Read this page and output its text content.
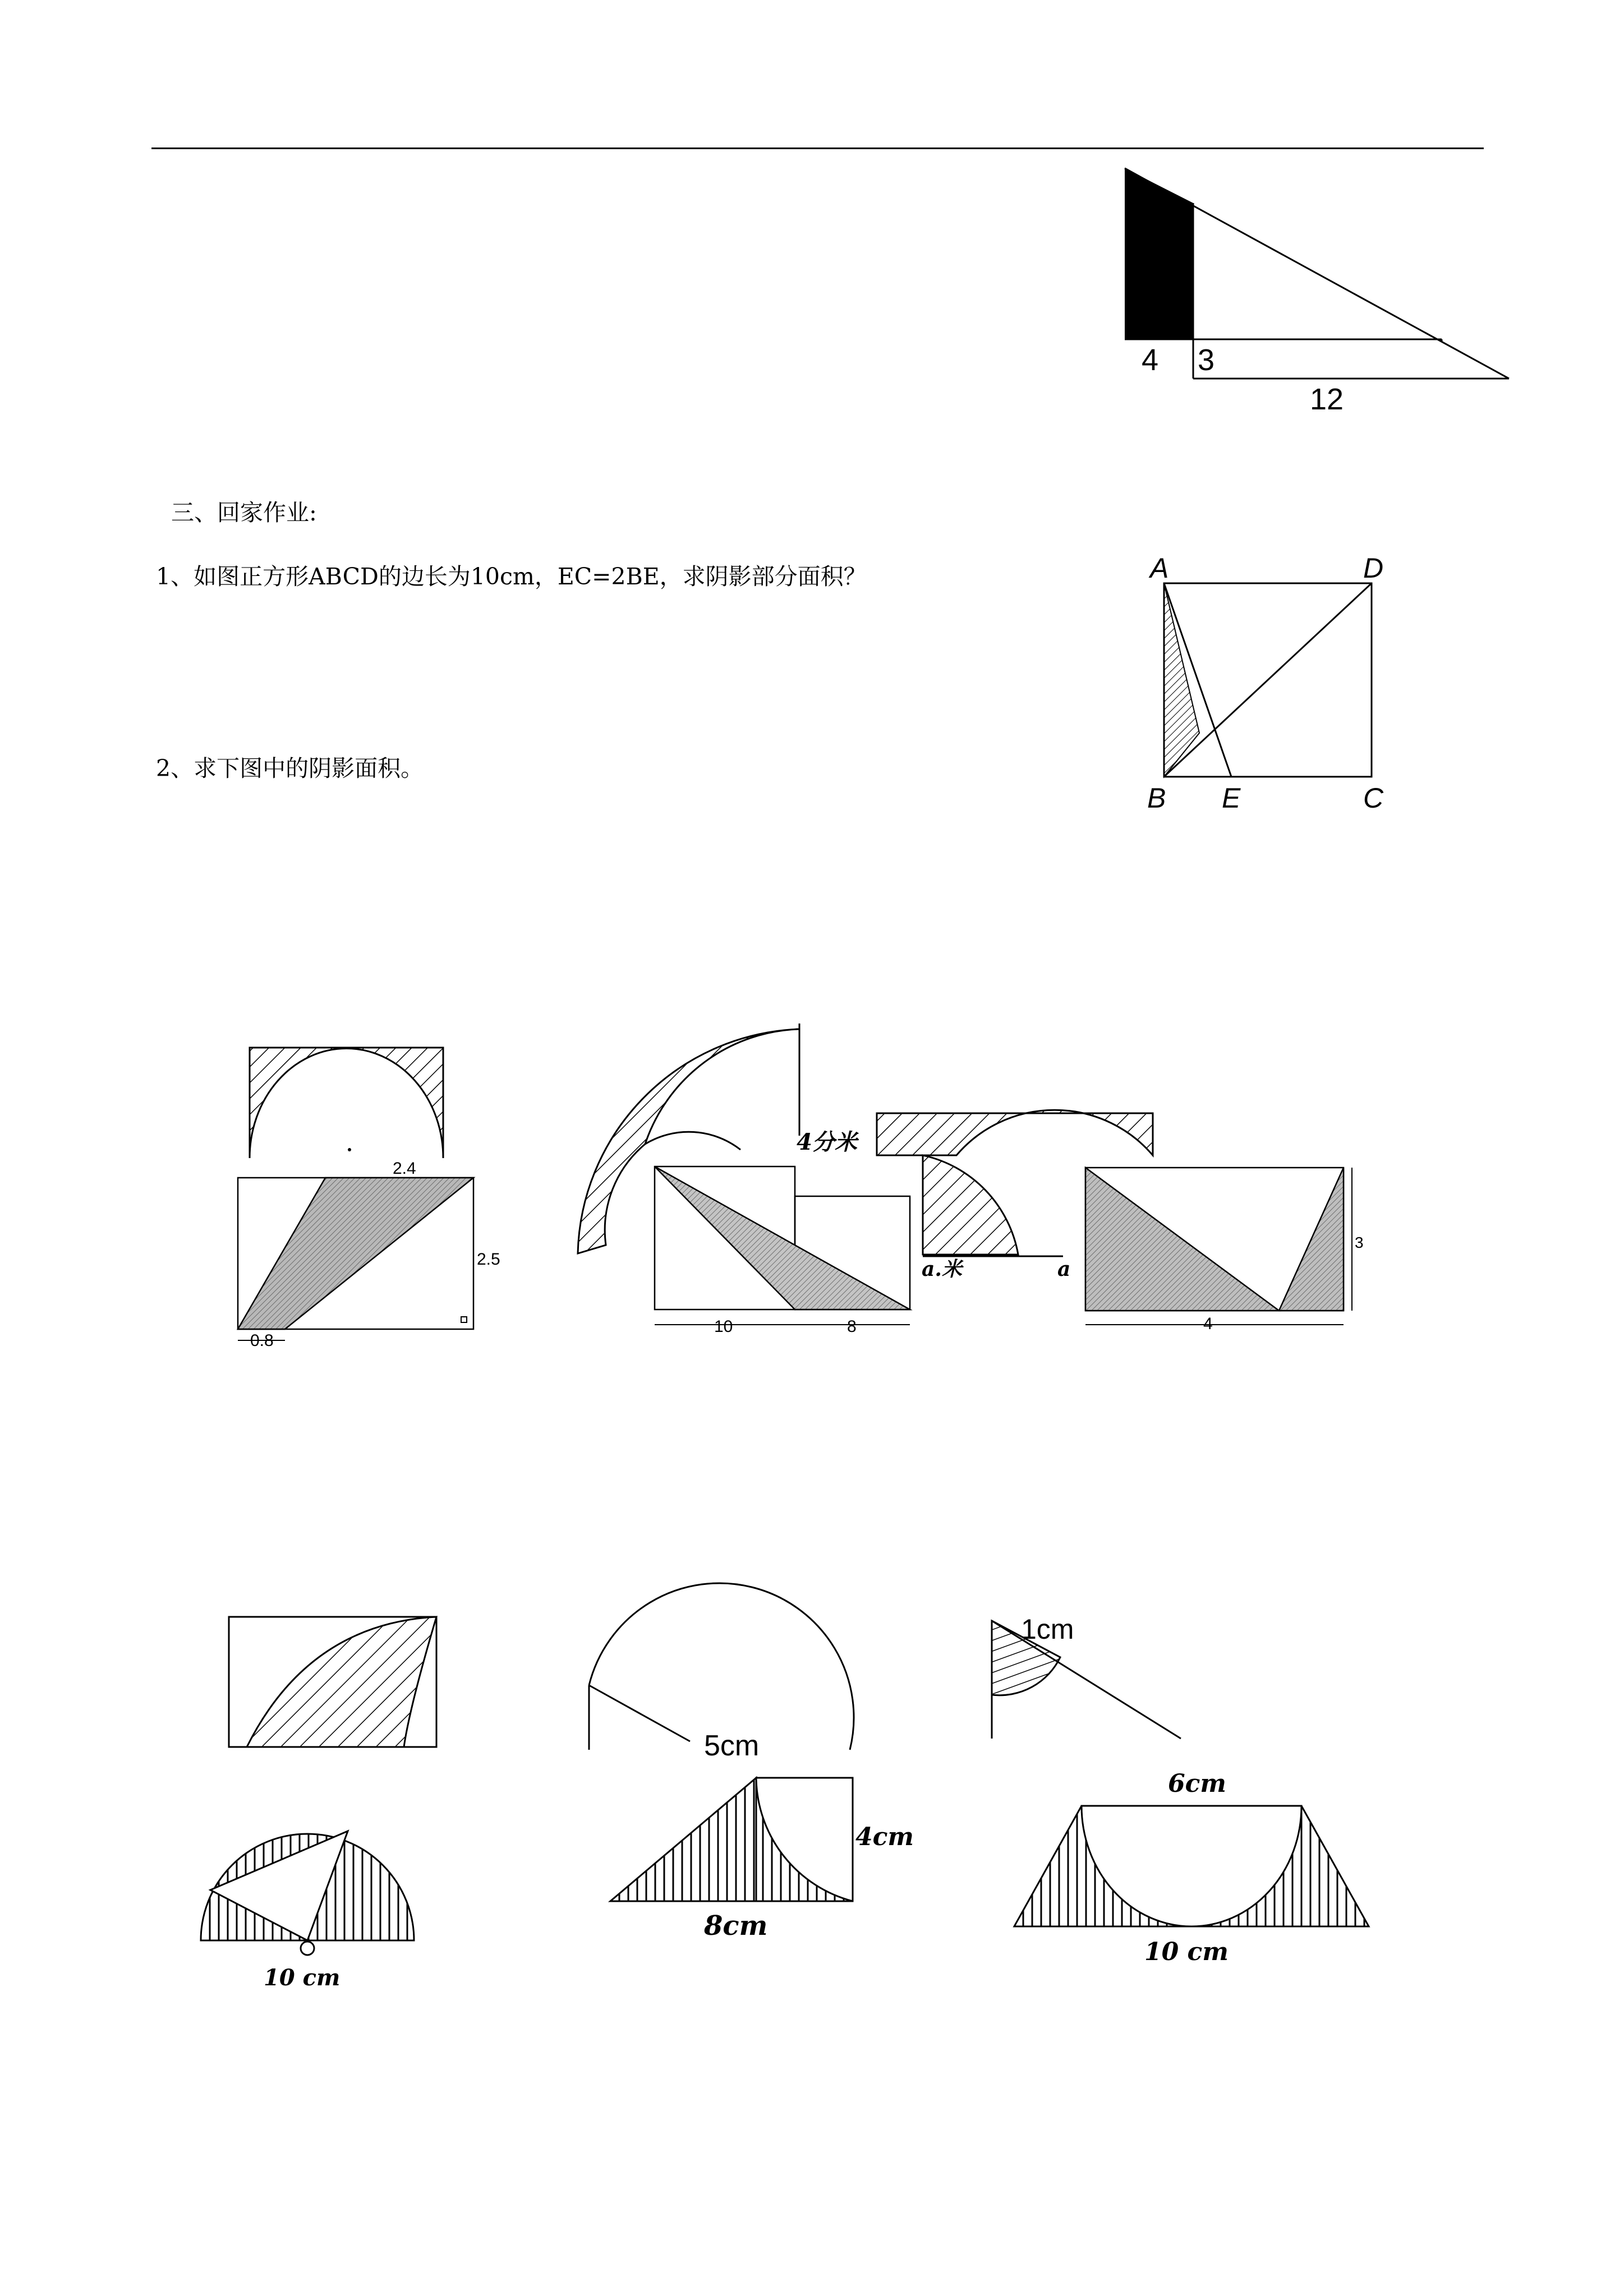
4 3
12
三、回家作业:
1、如图正方形ABCD的边长为10cm，EC=2BE，求阴影部分面积？
2、求下图中的阴影面积。
A	D
B E	C
2.4
2.5
0.8
4分米
10	8
a.米	a
3
4
5cm
1cm
10 cm
4cm
8cm
6cm
10 cm
